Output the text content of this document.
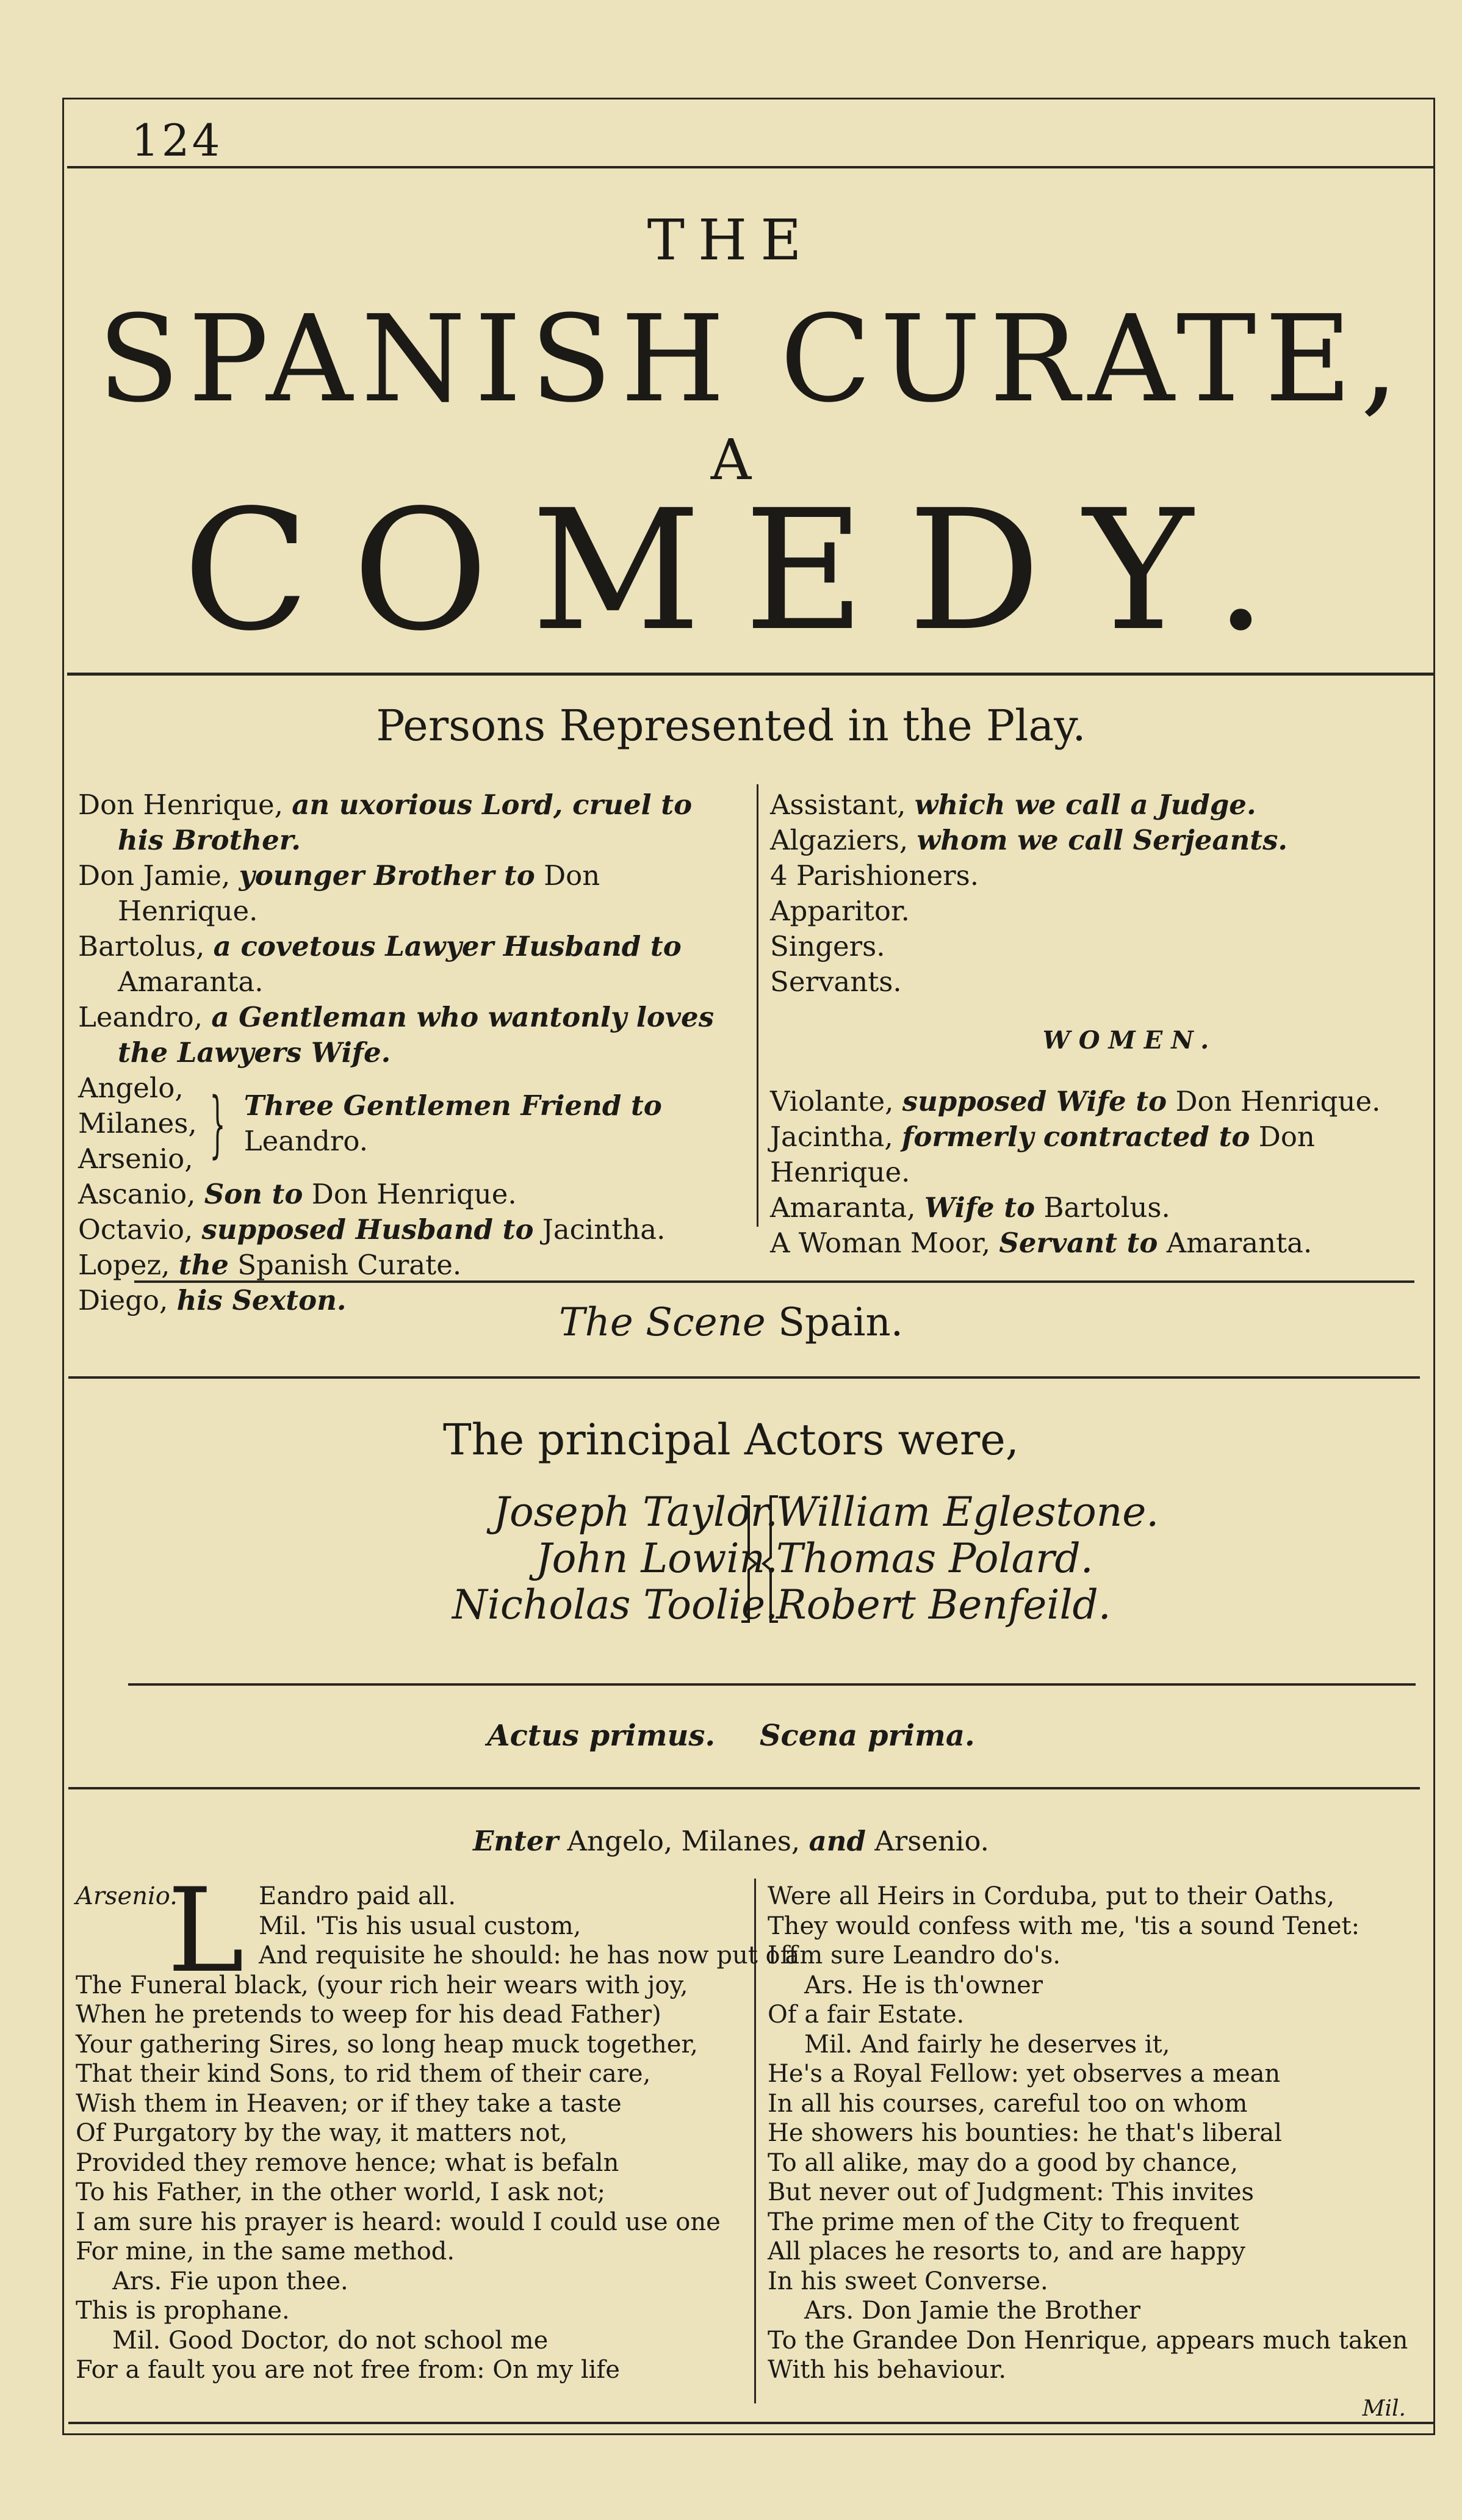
124
THE
SPANISH CURATE,
A
COMEDY.
Persons Represented in the Play.

Don Henrique, an uxorious Lord, cruel to his Brother.

Don Jamie, younger Brother to Don Henrique.

Bartolus, a covetous Lawyer Husband to Amaranta.

Leandro, a Gentleman who wantonly loves the Lawyers Wife.

Angelo,
Milanes,
Arsenio, } Three Gentlemen Friend to Leandro.

Ascanio, Son to Don Henrique.

Octavio, supposed Husband to Jacintha.

Lopez, the Spanish Curate.

Diego, his Sexton.

Assistant, which we call a Judge.

Algaziers, whom we call Serjeants.

4 Parishioners.

Apparitor.

Singers.

Servants.

WOMEN.

Violante, supposed Wife to Don Henrique.

Jacintha, formerly contracted to Don Henrique.

Amaranta, Wife to Bartolus.

A Woman Moor, Servant to Amaranta.

The Scene Spain.
The principal Actors were,
Joseph Taylor.
John Lowin.
Nicholas Toolie.
William Eglestone.
Thomas Polard.
Robert Benfeild.
Actus primus. Scena prima.
Enter Angelo, Milanes, and Arsenio.
L

Arsenio.	Eandro paid all.

Mil. 'Tis his usual custom,

And requisite he should: he has now put off

The Funeral black, (your rich heir wears with joy,

When he pretends to weep for his dead Father)

Your gathering Sires, so long heap muck together,

That their kind Sons, to rid them of their care,

Wish them in Heaven; or if they take a taste

Of Purgatory by the way, it matters not,

Provided they remove hence; what is befaln

To his Father, in the other world, I ask not;

I am sure his prayer is heard: would I could use one

For mine, in the same method.

Ars. Fie upon thee.

This is prophane.

Mil. Good Doctor, do not school me

For a fault you are not free from: On my life

Were all Heirs in Corduba, put to their Oaths,

They would confess with me, 'tis a sound Tenet:

I am sure Leandro do's.

Ars. He is th'owner

Of a fair Estate.

Mil. And fairly he deserves it,

He's a Royal Fellow: yet observes a mean

In all his courses, careful too on whom

He showers his bounties: he that's liberal

To all alike, may do a good by chance,

But never out of Judgment: This invites

The prime men of the City to frequent

All places he resorts to, and are happy

In his sweet Converse.

Ars. Don Jamie the Brother

To the Grandee Don Henrique, appears much taken

With his behaviour.

Mil.
